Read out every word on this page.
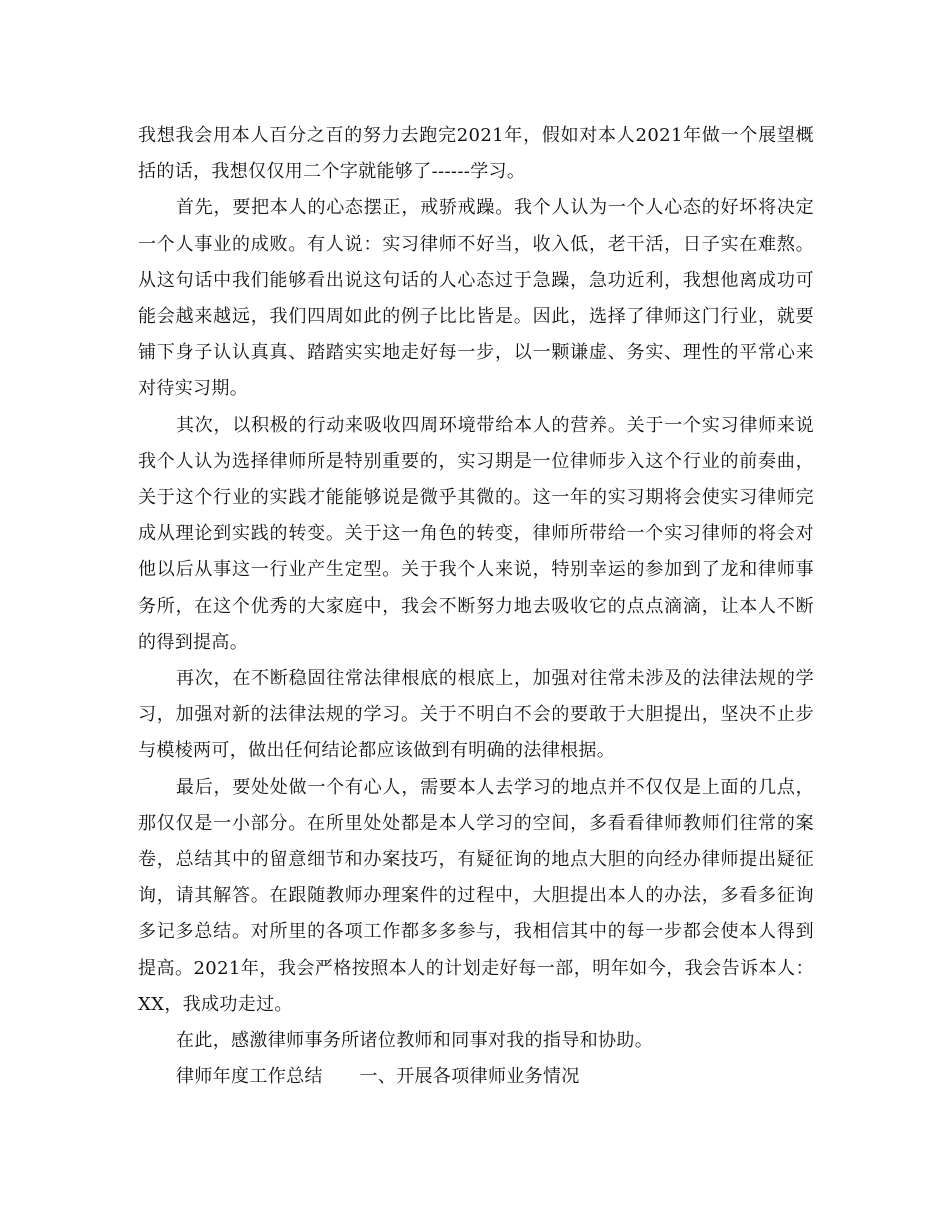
我想我会用本人百分之百的努力去跑完2021年，假如对本人2021年做一个展望概括的话，我想仅仅用二个字就能够了------学习。

首先，要把本人的心态摆正，戒骄戒躁。我个人认为一个人心态的好坏将决定一个人事业的成败。有人说：实习律师不好当，收入低，老干活，日子实在难熬。从这句话中我们能够看出说这句话的人心态过于急躁，急功近利，我想他离成功可能会越来越远，我们四周如此的例子比比皆是。因此，选择了律师这门行业，就要铺下身子认认真真、踏踏实实地走好每一步，以一颗谦虚、务实、理性的平常心来对待实习期。

其次，以积极的行动来吸收四周环境带给本人的营养。关于一个实习律师来说我个人认为选择律师所是特别重要的，实习期是一位律师步入这个行业的前奏曲，关于这个行业的实践才能能够说是微乎其微的。这一年的实习期将会使实习律师完成从理论到实践的转变。关于这一角色的转变，律师所带给一个实习律师的将会对他以后从事这一行业产生定型。关于我个人来说，特别幸运的参加到了龙和律师事务所，在这个优秀的大家庭中，我会不断努力地去吸收它的点点滴滴，让本人不断的得到提高。

再次，在不断稳固往常法律根底的根底上，加强对往常未涉及的法律法规的学习，加强对新的法律法规的学习。关于不明白不会的要敢于大胆提出，坚决不止步与模棱两可，做出任何结论都应该做到有明确的法律根据。

最后，要处处做一个有心人，需要本人去学习的地点并不仅仅是上面的几点，那仅仅是一小部分。在所里处处都是本人学习的空间，多看看律师教师们往常的案卷，总结其中的留意细节和办案技巧，有疑征询的地点大胆的向经办律师提出疑征询，请其解答。在跟随教师办理案件的过程中，大胆提出本人的办法，多看多征询多记多总结。对所里的各项工作都多多参与，我相信其中的每一步都会使本人得到提高。2021年，我会严格按照本人的计划走好每一部，明年如今，我会告诉本人：XX，我成功走过。

在此，感激律师事务所诸位教师和同事对我的指导和协助。

律师年度工作总结　　一、开展各项律师业务情况
